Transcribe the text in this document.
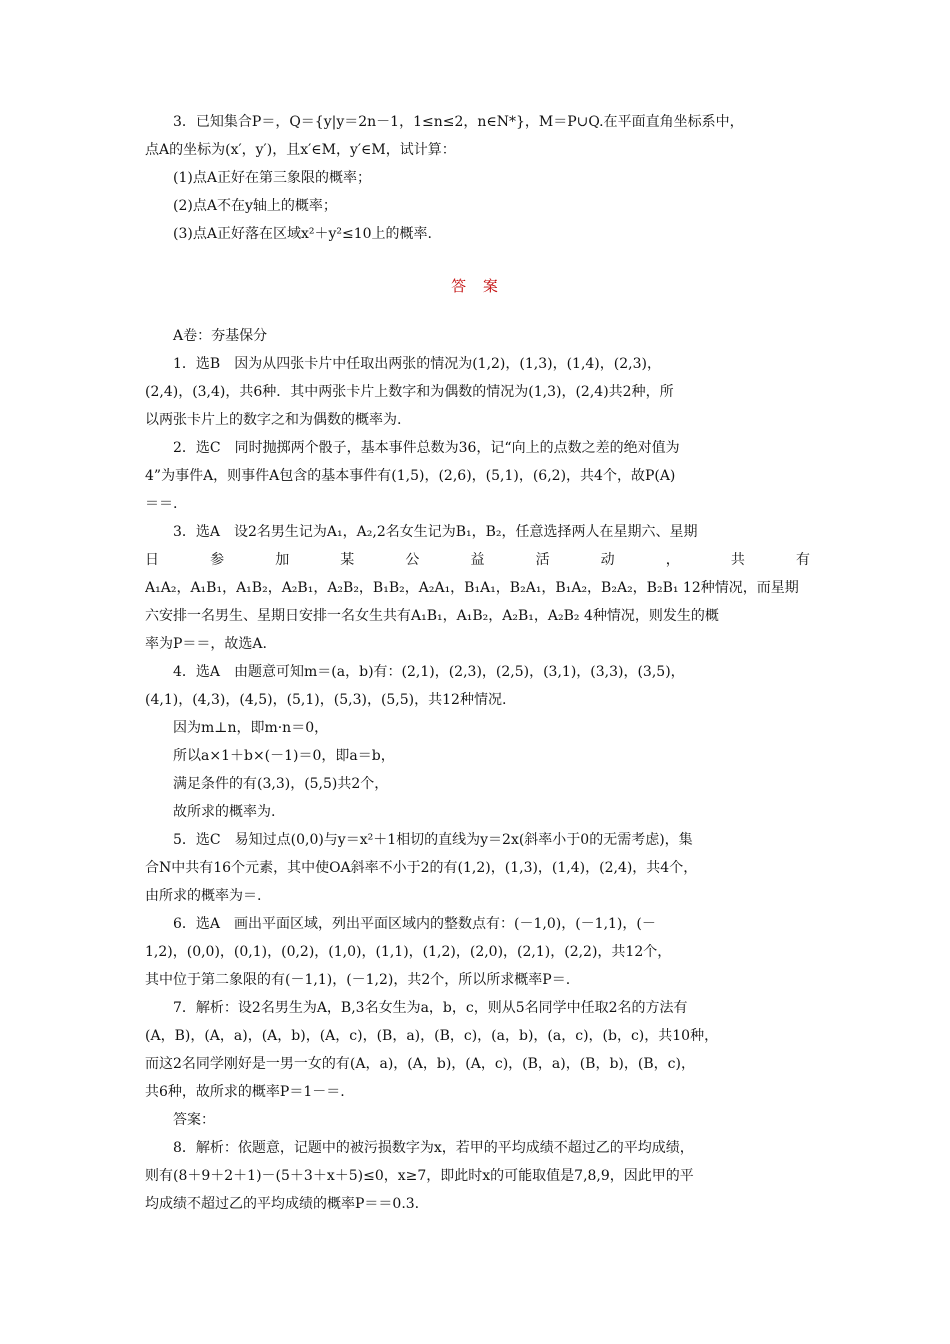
3．已知集合P＝，Q＝{y|y＝2n－1，1≤n≤2，n∈N*}，M＝P∪Q.在平面直角坐标系中，
点A的坐标为(x′，y′)，且x′∈M，y′∈M，试计算：
(1)点A正好在第三象限的概率；
(2)点A不在y轴上的概率；
(3)点A正好落在区域x²＋y²≤10上的概率.
答 案
A卷：夯基保分
1．选B　因为从四张卡片中任取出两张的情况为(1,2)，(1,3)，(1,4)，(2,3)，
(2,4)，(3,4)，共6种．其中两张卡片上数字和为偶数的情况为(1,3)，(2,4)共2种，所
以两张卡片上的数字之和为偶数的概率为.
2．选C　同时抛掷两个骰子，基本事件总数为36，记“向上的点数之差的绝对值为
4”为事件A，则事件A包含的基本事件有(1,5)，(2,6)，(5,1)，(6,2)，共4个，故P(A)
＝＝.
3．选A　设2名男生记为A₁，A₂,2名女生记为B₁，B₂，任意选择两人在星期六、星期
日	参	加	某	公	益	活	动	，	共	有
A₁A₂，A₁B₁，A₁B₂，A₂B₁，A₂B₂，B₁B₂，A₂A₁，B₁A₁，B₂A₁，B₁A₂，B₂A₂，B₂B₁ 12种情况，而星期
六安排一名男生、星期日安排一名女生共有A₁B₁，A₁B₂，A₂B₁，A₂B₂ 4种情况，则发生的概
率为P＝＝，故选A.
4．选A　由题意可知m＝(a，b)有：(2,1)，(2,3)，(2,5)，(3,1)，(3,3)，(3,5)，
(4,1)，(4,3)，(4,5)，(5,1)，(5,3)，(5,5)，共12种情况.
因为m⊥n，即m·n＝0，
所以a×1＋b×(－1)＝0，即a＝b，
满足条件的有(3,3)，(5,5)共2个，
故所求的概率为.
5．选C　易知过点(0,0)与y＝x²＋1相切的直线为y＝2x(斜率小于0的无需考虑)，集
合N中共有16个元素，其中使OA斜率不小于2的有(1,2)，(1,3)，(1,4)，(2,4)，共4个，
由所求的概率为＝.
6．选A　画出平面区域，列出平面区域内的整数点有：(－1,0)，(－1,1)，(－
1,2)，(0,0)，(0,1)，(0,2)，(1,0)，(1,1)，(1,2)，(2,0)，(2,1)，(2,2)，共12个，
其中位于第二象限的有(－1,1)，(－1,2)，共2个，所以所求概率P＝.
7．解析：设2名男生为A，B,3名女生为a，b，c，则从5名同学中任取2名的方法有
(A，B)，(A，a)，(A，b)，(A，c)，(B，a)，(B，c)，(a，b)，(a，c)，(b，c)，共10种，
而这2名同学刚好是一男一女的有(A，a)，(A，b)，(A，c)，(B，a)，(B，b)，(B，c)，
共6种，故所求的概率P＝1－＝.
答案：
8．解析：依题意，记题中的被污损数字为x，若甲的平均成绩不超过乙的平均成绩，
则有(8＋9＋2＋1)－(5＋3＋x＋5)≤0，x≥7，即此时x的可能取值是7,8,9，因此甲的平
均成绩不超过乙的平均成绩的概率P＝＝0.3.
